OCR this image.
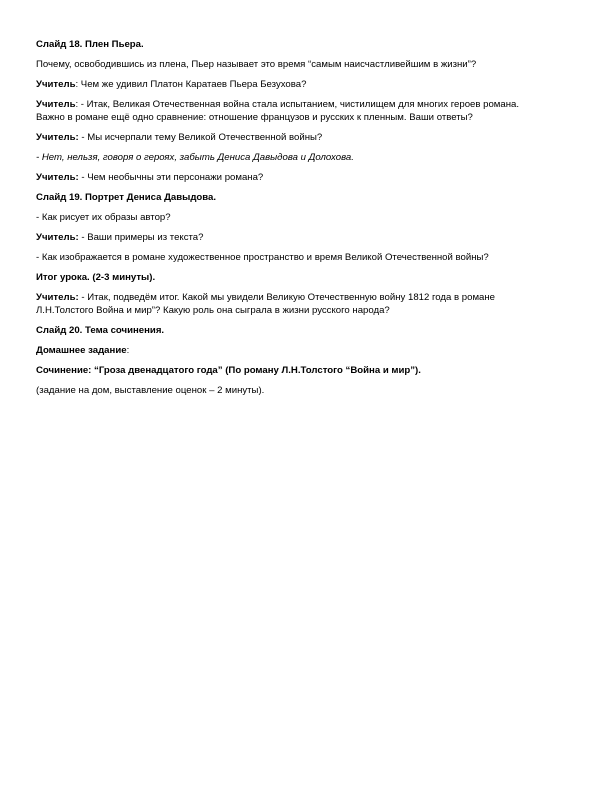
Слайд 18. Плен Пьера.

Почему, освободившись из плена, Пьер называет это время “самым наисчастливейшим в жизни”?

Учитель: Чем же удивил Платон Каратаев Пьера Безухова?

Учитель: - Итак, Великая Отечественная война стала испытанием, чистилищем для многих героев романа.
Важно в романе ещё одно сравнение: отношение французов и русских к пленным. Ваши ответы?

Учитель: - Мы исчерпали тему Великой Отечественной войны?

- Нет, нельзя, говоря о героях, забыть Дениса Давыдова и Долохова.

Учитель: - Чем необычны эти персонажи романа?

Слайд 19. Портрет Дениса Давыдова.

- Как рисует их образы автор?

Учитель: - Ваши примеры из текста?

- Как изображается в романе художественное пространство и время Великой Отечественной войны?

Итог урока. (2-3 минуты).

Учитель: - Итак, подведём итог. Какой мы увидели Великую Отечественную войну 1812 года в романе
Л.Н.Толстого Война и мир”? Какую роль она сыграла в жизни русского народа?

Слайд 20. Тема сочинения.

Домашнее задание:

Сочинение: “Гроза двенадцатого года” (По роману Л.Н.Толстого “Война и мир”).

(задание на дом, выставление оценок – 2 минуты).
